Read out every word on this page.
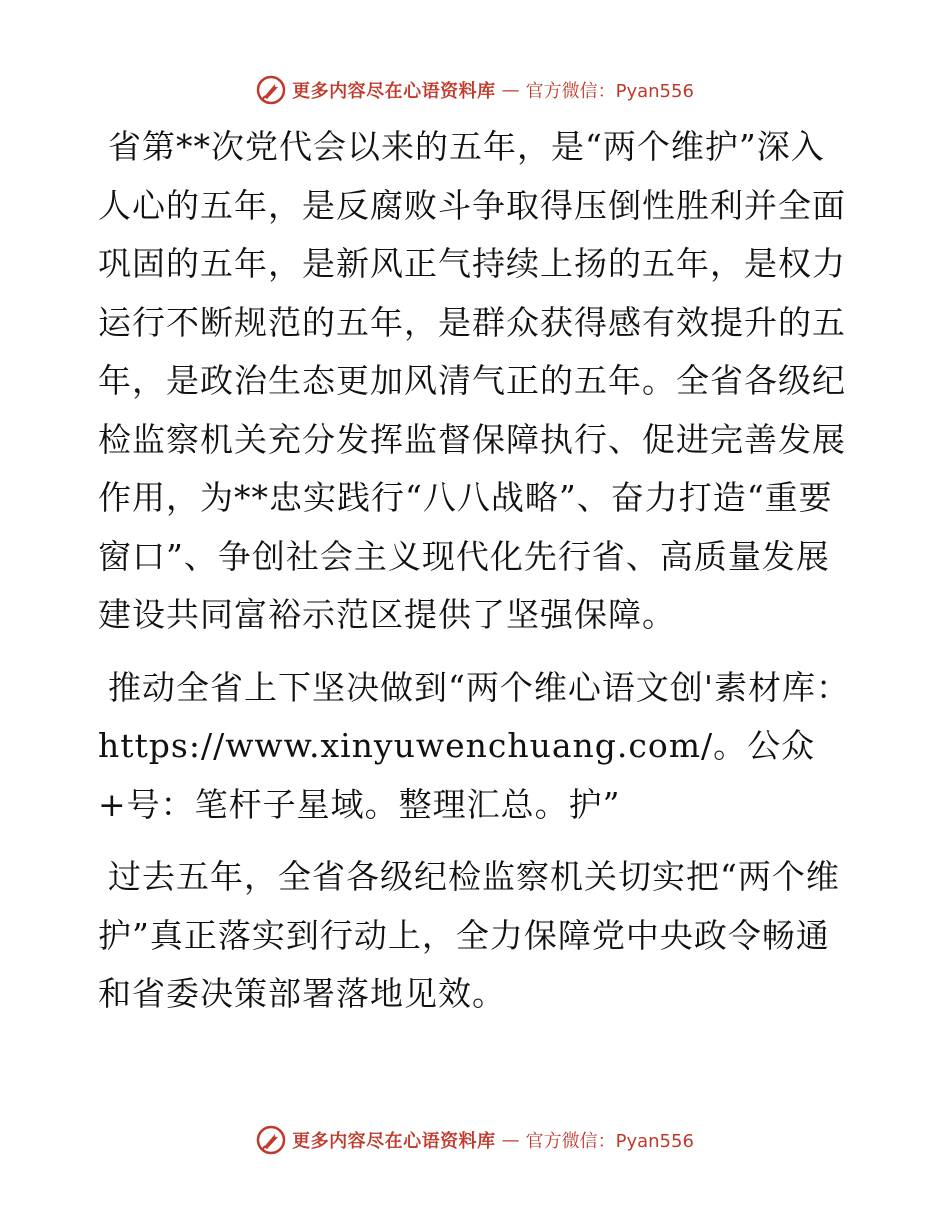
更多内容尽在心语资料库 — 官方微信：Pyan556

省第**次党代会以来的五年，是“两个维护”深入人心的五年，是反腐败斗争取得压倒性胜利并全面巩固的五年，是新风正气持续上扬的五年，是权力运行不断规范的五年，是群众获得感有效提升的五年，是政治生态更加风清气正的五年。全省各级纪检监察机关充分发挥监督保障执行、促进完善发展作用，为**忠实践行“八八战略”、奋力打造“重要窗口”、争创社会主义现代化先行省、高质量发展建设共同富裕示范区提供了坚强保障。

推动全省上下坚决做到“两个维心语文创'素材库：https://www.xinyuwenchuang.com/。公众+号：笔杆子星域。整理汇总。护”

过去五年，全省各级纪检监察机关切实把“两个维护”真正落实到行动上，全力保障党中央政令畅通和省委决策部署落地见效。

更多内容尽在心语资料库 — 官方微信：Pyan556
